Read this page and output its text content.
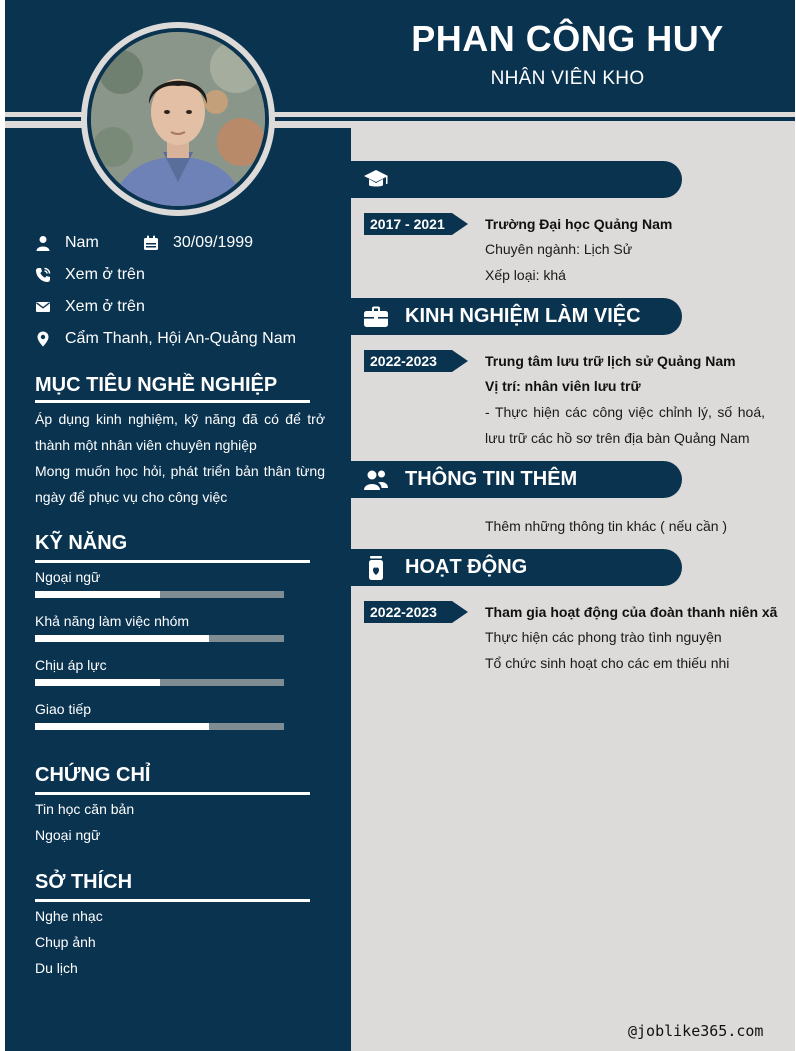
PHAN CÔNG HUY
NHÂN VIÊN KHO
Nam	30/09/1999
Xem ở trên
Xem ở trên
Cẩm Thanh, Hội An-Quảng Nam
MỤC TIÊU NGHỀ NGHIỆP
Áp dụng kinh nghiệm, kỹ năng đã có để trở thành một nhân viên chuyên nghiệp
Mong muốn học hỏi, phát triển bản thân từng ngày để phục vụ cho công việc
KỸ NĂNG
Ngoại ngữ
Khả năng làm việc nhóm
Chịu áp lực
Giao tiếp
CHỨNG CHỈ
Tin học căn bản
Ngoại ngữ
SỞ THÍCH
Nghe nhạc
Chụp ảnh
Du lịch
2017 - 2021	Trường Đại học Quảng Nam
Chuyên ngành: Lịch Sử
Xếp loại: khá
KINH NGHIỆM LÀM VIỆC
2022-2023	Trung tâm lưu trữ lịch sử Quảng Nam
Vị trí: nhân viên lưu trữ
- Thực hiện các công việc chỉnh lý, số hoá, lưu trữ các hồ sơ trên địa bàn Quảng Nam
THÔNG TIN THÊM
Thêm những thông tin khác ( nếu cần )
HOẠT ĐỘNG
2022-2023	Tham gia hoạt động của đoàn thanh niên xã
Thực hiện các phong trào tình nguyện
Tổ chức sinh hoạt cho các em thiếu nhi
@joblike365.com
